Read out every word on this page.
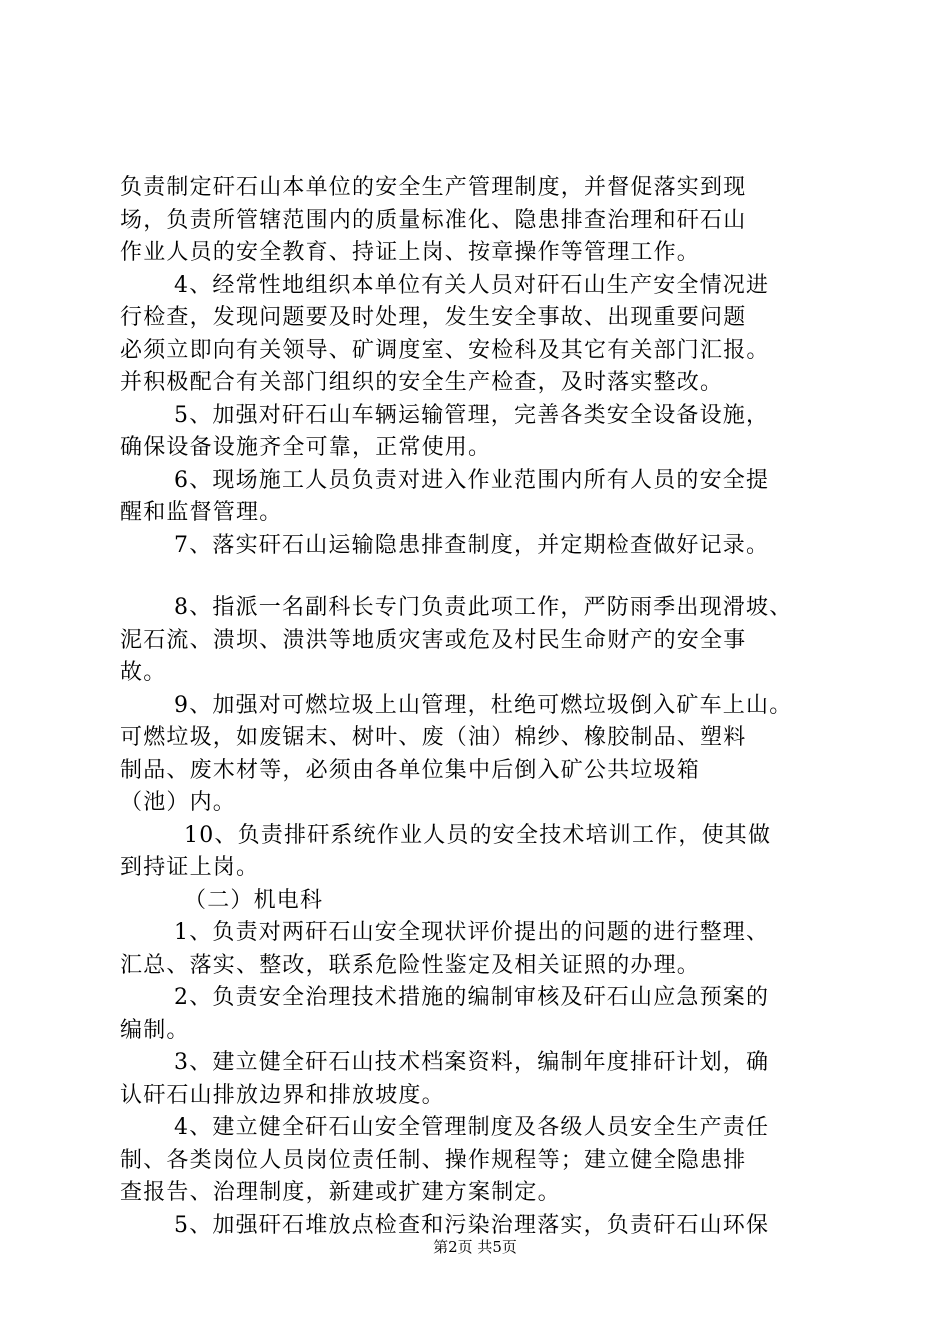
负责制定矸石山本单位的安全生产管理制度，并督促落实到现
场，负责所管辖范围内的质量标准化、隐患排查治理和矸石山
作业人员的安全教育、持证上岗、按章操作等管理工作。
4、经常性地组织本单位有关人员对矸石山生产安全情况进
行检查，发现问题要及时处理，发生安全事故、出现重要问题
必须立即向有关领导、矿调度室、安检科及其它有关部门汇报。
并积极配合有关部门组织的安全生产检查，及时落实整改。
5、加强对矸石山车辆运输管理，完善各类安全设备设施，
确保设备设施齐全可靠，正常使用。
6、现场施工人员负责对进入作业范围内所有人员的安全提
醒和监督管理。
7、落实矸石山运输隐患排查制度，并定期检查做好记录。
8、指派一名副科长专门负责此项工作，严防雨季出现滑坡、
泥石流、溃坝、溃洪等地质灾害或危及村民生命财产的安全事
故。
9、加强对可燃垃圾上山管理，杜绝可燃垃圾倒入矿车上山。
可燃垃圾，如废锯末、树叶、废（油）棉纱、橡胶制品、塑料
制品、废木材等，必须由各单位集中后倒入矿公共垃圾箱
（池）内。
10、负责排矸系统作业人员的安全技术培训工作，使其做
到持证上岗。
（二）机电科
1、负责对两矸石山安全现状评价提出的问题的进行整理、
汇总、落实、整改，联系危险性鉴定及相关证照的办理。
2、负责安全治理技术措施的编制审核及矸石山应急预案的
编制。
3、建立健全矸石山技术档案资料，编制年度排矸计划，确
认矸石山排放边界和排放坡度。
4、建立健全矸石山安全管理制度及各级人员安全生产责任
制、各类岗位人员岗位责任制、操作规程等；建立健全隐患排
查报告、治理制度，新建或扩建方案制定。
5、加强矸石堆放点检查和污染治理落实，负责矸石山环保
第2页 共5页
